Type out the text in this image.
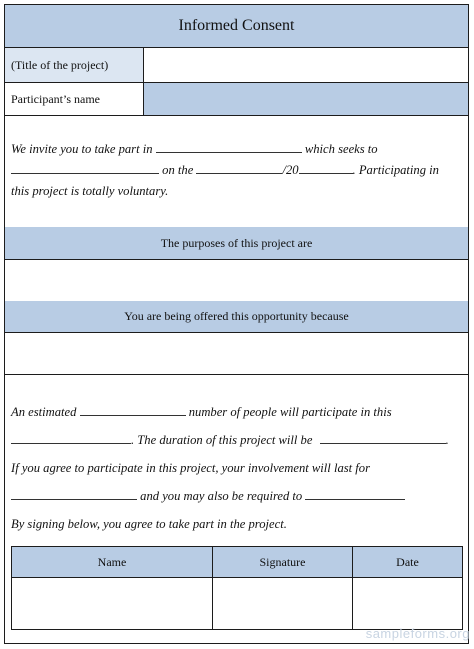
Informed Consent
(Title of the project)
Participant’s name
We invite you to take part in	which seeks to
on the	/20	. Participating in
this project is totally voluntary.
The purposes of this project are
You are being offered this opportunity because
An estimated	number of people will participate in this
. The duration of this project will be	.
If you agree to participate in this project, your involvement will last for
and you may also be required to
By signing below, you agree to take part in the project.
Name	Signature	Date

sampleforms.org
